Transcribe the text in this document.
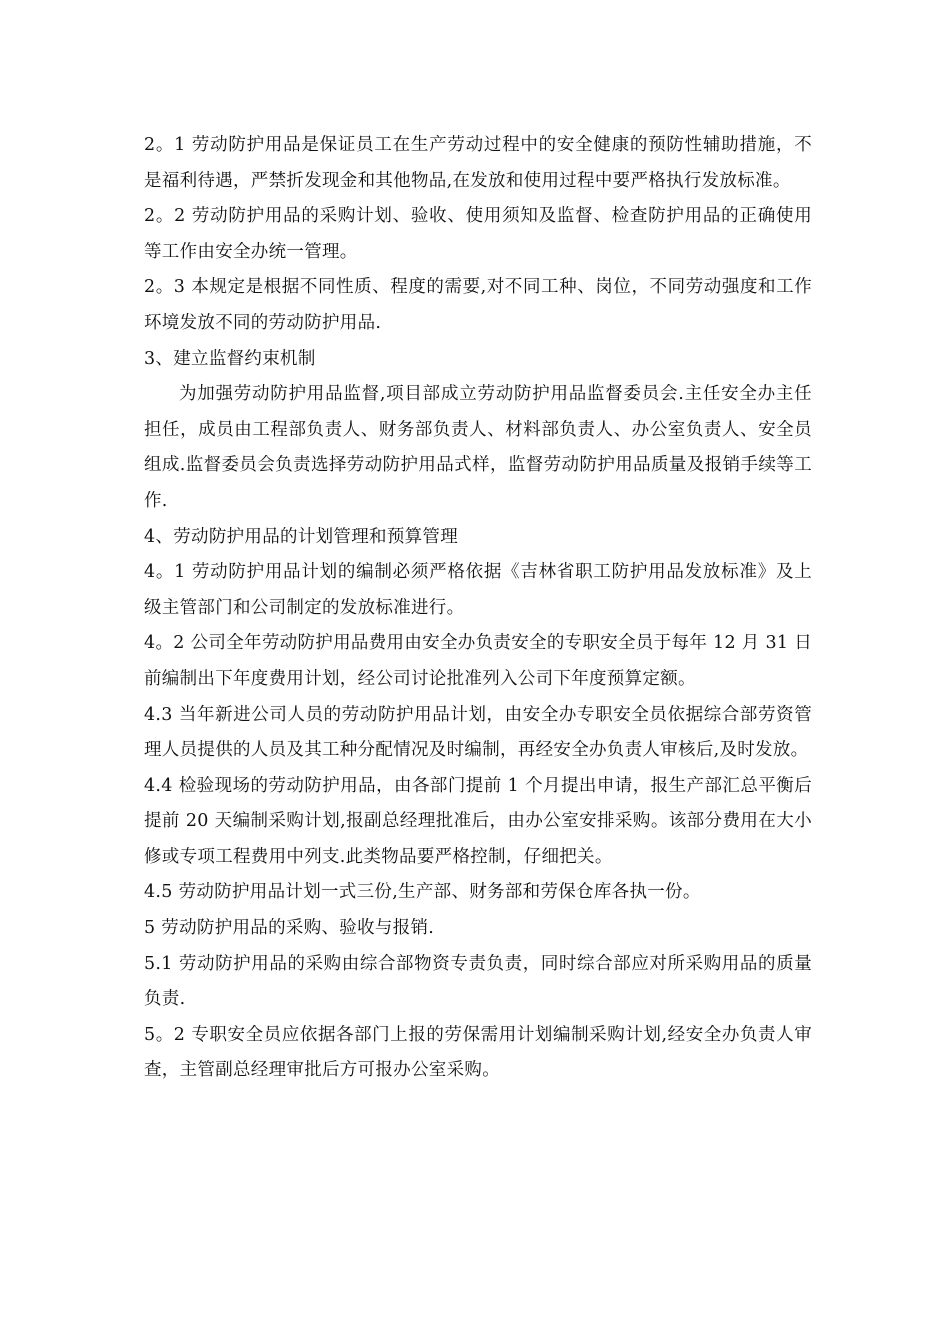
2。1 劳动防护用品是保证员工在生产劳动过程中的安全健康的预防性辅助措施，不是福利待遇，严禁折发现金和其他物品,在发放和使用过程中要严格执行发放标准。

2。2 劳动防护用品的采购计划、验收、使用须知及监督、检查防护用品的正确使用等工作由安全办统一管理。

2。3 本规定是根据不同性质、程度的需要,对不同工种、岗位，不同劳动强度和工作环境发放不同的劳动防护用品.

3、建立监督约束机制

为加强劳动防护用品监督,项目部成立劳动防护用品监督委员会.主任安全办主任担任，成员由工程部负责人、财务部负责人、材料部负责人、办公室负责人、安全员组成.监督委员会负责选择劳动防护用品式样，监督劳动防护用品质量及报销手续等工作.

4、劳动防护用品的计划管理和预算管理

4。1 劳动防护用品计划的编制必须严格依据《吉林省职工防护用品发放标准》及上级主管部门和公司制定的发放标准进行。

4。2 公司全年劳动防护用品费用由安全办负责安全的专职安全员于每年 12 月 31 日前编制出下年度费用计划，经公司讨论批准列入公司下年度预算定额。

4.3 当年新进公司人员的劳动防护用品计划，由安全办专职安全员依据综合部劳资管理人员提供的人员及其工种分配情况及时编制，再经安全办负责人审核后,及时发放。

4.4 检验现场的劳动防护用品，由各部门提前 1 个月提出申请，报生产部汇总平衡后提前 20 天编制采购计划,报副总经理批准后，由办公室安排采购。该部分费用在大小修或专项工程费用中列支.此类物品要严格控制，仔细把关。

4.5 劳动防护用品计划一式三份,生产部、财务部和劳保仓库各执一份。

5 劳动防护用品的采购、验收与报销.

5.1 劳动防护用品的采购由综合部物资专责负责，同时综合部应对所采购用品的质量负责.

5。2 专职安全员应依据各部门上报的劳保需用计划编制采购计划,经安全办负责人审查，主管副总经理审批后方可报办公室采购。
